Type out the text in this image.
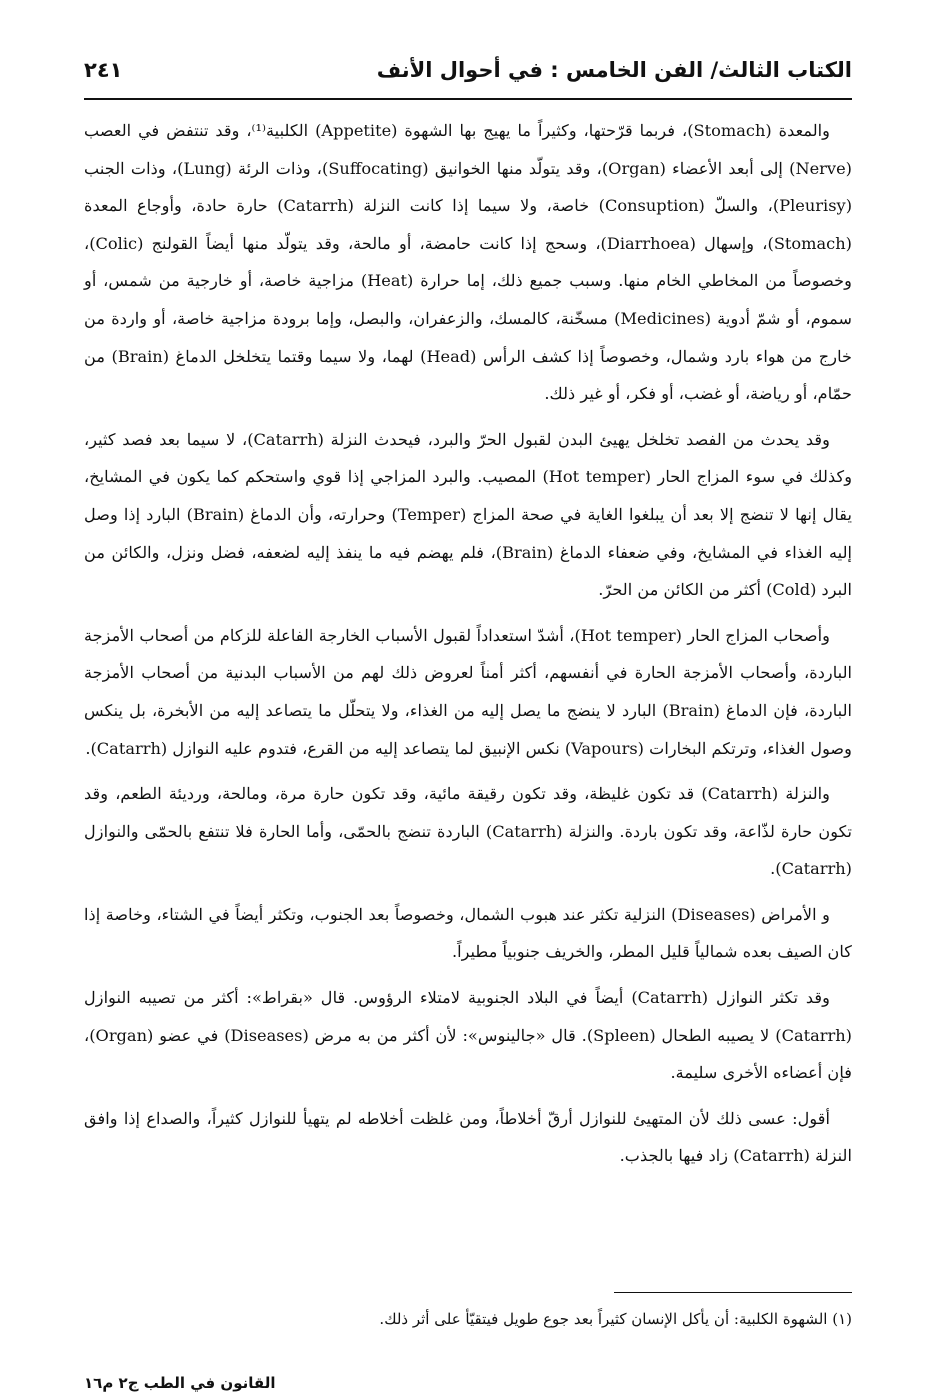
الكتاب الثالث/ الفن الخامس : في أحوال الأنف
٢٤١

والمعدة (Stomach)، فربما قرّحتها، وكثيراً ما يهيج بها الشهوة (Appetite) الكلبية⁽¹⁾، وقد تنتفض في العصب (Nerve) إلى أبعد الأعضاء (Organ)، وقد يتولّد منها الخوانيق (Suffocating)، وذات الرئة (Lung)، وذات الجنب (Pleurisy)، والسلّ (Consuption) خاصة، ولا سيما إذا كانت النزلة (Catarrh) حارة حادة، وأوجاع المعدة (Stomach)، وإسهال (Diarrhoea)، وسحج إذا كانت حامضة، أو مالحة، وقد يتولّد منها أيضاً القولنج (Colic)، وخصوصاً من المخاطي الخام منها. وسبب جميع ذلك، إما حرارة (Heat) مزاجية خاصة، أو خارجية من شمس، أو سموم، أو شمّ أدوية (Medicines) مسخّنة، كالمسك، والزعفران، والبصل، وإما برودة مزاجية خاصة، أو واردة من خارج من هواء بارد وشمال، وخصوصاً إذا كشف الرأس (Head) لهما، ولا سيما وقتما يتخلخل الدماغ (Brain) من حمّام، أو رياضة، أو غضب، أو فكر، أو غير ذلك.

وقد يحدث من الفصد تخلخل يهيئ البدن لقبول الحرّ والبرد، فيحدث النزلة (Catarrh)، لا سيما بعد فصد كثير، وكذلك في سوء المزاج الحار (Hot temper) المصيب. والبرد المزاجي إذا قوي واستحكم كما يكون في المشايخ، يقال إنها لا تنضج إلا بعد أن يبلغوا الغاية في صحة المزاج (Temper) وحرارته، وأن الدماغ (Brain) البارد إذا وصل إليه الغذاء في المشايخ، وفي ضعفاء الدماغ (Brain)، فلم يهضم فيه ما ينفذ إليه لضعفه، فضل ونزل، والكائن من البرد (Cold) أكثر من الكائن من الحرّ.

وأصحاب المزاج الحار (Hot temper)، أشدّ استعداداً لقبول الأسباب الخارجة الفاعلة للزكام من أصحاب الأمزجة الباردة، وأصحاب الأمزجة الحارة في أنفسهم، أكثر أمناً لعروض ذلك لهم من الأسباب البدنية من أصحاب الأمزجة الباردة، فإن الدماغ (Brain) البارد لا ينضج ما يصل إليه من الغذاء، ولا يتحلّل ما يتصاعد إليه من الأبخرة، بل ينكس وصول الغذاء، وترتكم البخارات (Vapours) نكس الإنبيق لما يتصاعد إليه من القرع، فتدوم عليه النوازل (Catarrh).

والنزلة (Catarrh) قد تكون غليظة، وقد تكون رقيقة مائية، وقد تكون حارة مرة، ومالحة، ورديئة الطعم، وقد تكون حارة لذّاعة، وقد تكون باردة. والنزلة (Catarrh) الباردة تنضج بالحمّى، وأما الحارة فلا تنتفع بالحمّى والنوازل (Catarrh).

و الأمراض (Diseases) النزلية تكثر عند هبوب الشمال، وخصوصاً بعد الجنوب، وتكثر أيضاً في الشتاء، وخاصة إذا كان الصيف بعده شمالياً قليل المطر، والخريف جنوبياً مطيراً.

وقد تكثر النوازل (Catarrh) أيضاً في البلاد الجنوبية لامتلاء الرؤوس. قال «بقراط»: أكثر من تصيبه النوازل (Catarrh) لا يصيبه الطحال (Spleen). قال «جالينوس»: لأن أكثر من به مرض (Diseases) في عضو (Organ)، فإن أعضاءه الأخرى سليمة.

أقول: عسى ذلك لأن المتهيئ للنوازل أرقّ أخلاطاً، ومن غلظت أخلاطه لم يتهيأ للنوازل كثيراً، والصداع إذا وافق النزلة (Catarrh) زاد فيها بالجذب.

(١) الشهوة الكلبية: أن يأكل الإنسان كثيراً بعد جوع طويل فيتقيّأ على أثر ذلك.
القانون في الطب ج٢ م١٦
